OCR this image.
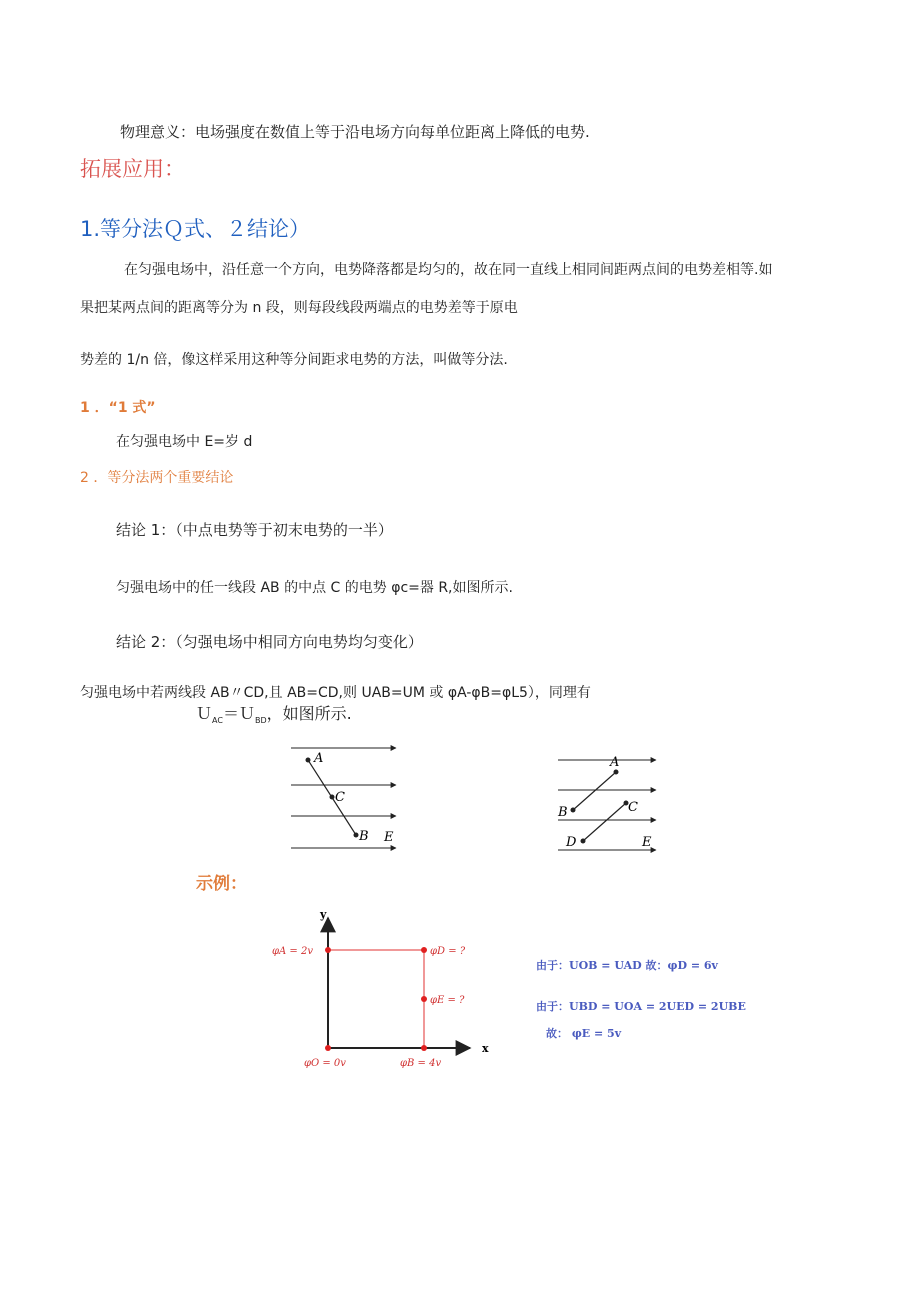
物理意义：电场强度在数值上等于沿电场方向每单位距离上降低的电势.
拓展应用：
1.等分法Ｑ式、２结论）
在匀强电场中，沿任意一个方向，电势降落都是均匀的，故在同一直线上相同间距两点间的电势差相等.如
果把某两点间的距离等分为 n 段，则每段线段两端点的电势差等于原电
势差的 1/n 倍，像这样采用这种等分间距求电势的方法，叫做等分法.
1 ．“1 式”
在匀强电场中 E=岁 d
2 ．等分法两个重要结论
结论 1：（中点电势等于初末电势的一半）
匀强电场中的任一线段 AB 的中点 C 的电势 φc=器 R,如图所示.
结论 2：（匀强电场中相同方向电势均匀变化）
匀强电场中若两线段 AB〃CD,且 AB=CD,则 UAB=UM 或 φA-φB=φL5），同理有
Ｕ$_{AC}$＝Ｕ$_{BD}$，如图所示.
A
C
B E
A
B	C
D	E
示例：
y
x
φA = 2v	φD = ?
φE = ?
φO = 0v	φB = 4v
由于：UOB = UAD 故：φD = 6v
由于：UBD = UOA = 2UED = 2UBE
故： φE = 5v
